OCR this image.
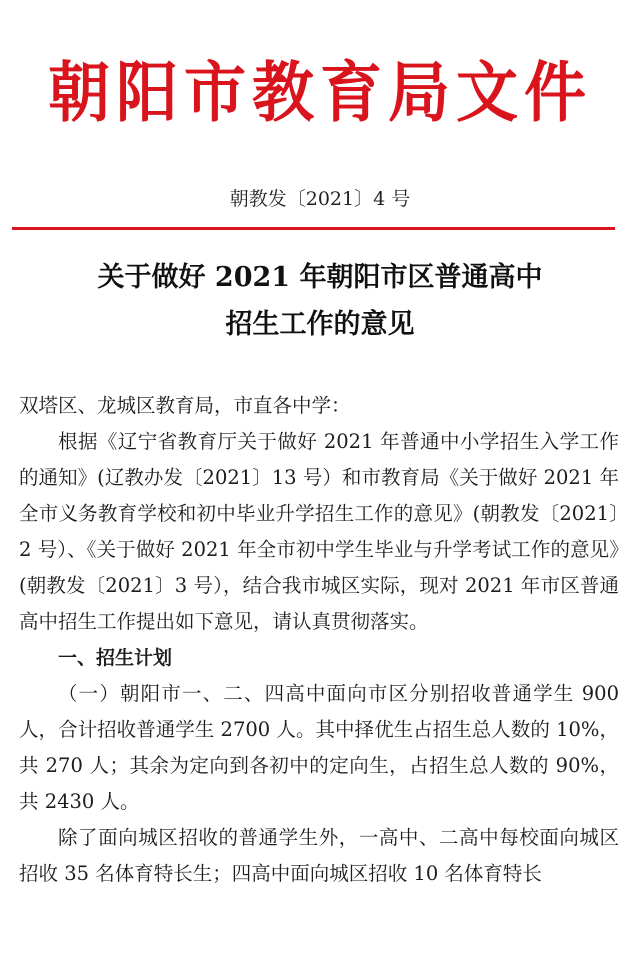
朝阳市教育局文件
朝教发〔2021〕4 号
关于做好 2021 年朝阳市区普通高中
招生工作的意见

双塔区、龙城区教育局，市直各中学：

根据《辽宁省教育厅关于做好 2021 年普通中小学招生入学工作的通知》(辽教办发〔2021〕13 号）和市教育局《关于做好 2021 年全市义务教育学校和初中毕业升学招生工作的意见》(朝教发〔2021〕2 号）、《关于做好 2021 年全市初中学生毕业与升学考试工作的意见》(朝教发〔2021〕3 号），结合我市城区实际，现对 2021 年市区普通高中招生工作提出如下意见，请认真贯彻落实。

一、招生计划

（一）朝阳市一、二、四高中面向市区分别招收普通学生 900 人，合计招收普通学生 2700 人。其中择优生占招生总人数的 10%，共 270 人；其余为定向到各初中的定向生，占招生总人数的 90%，共 2430 人。

除了面向城区招收的普通学生外，一高中、二高中每校面向城区招收 35 名体育特长生；四高中面向城区招收 10 名体育特长
